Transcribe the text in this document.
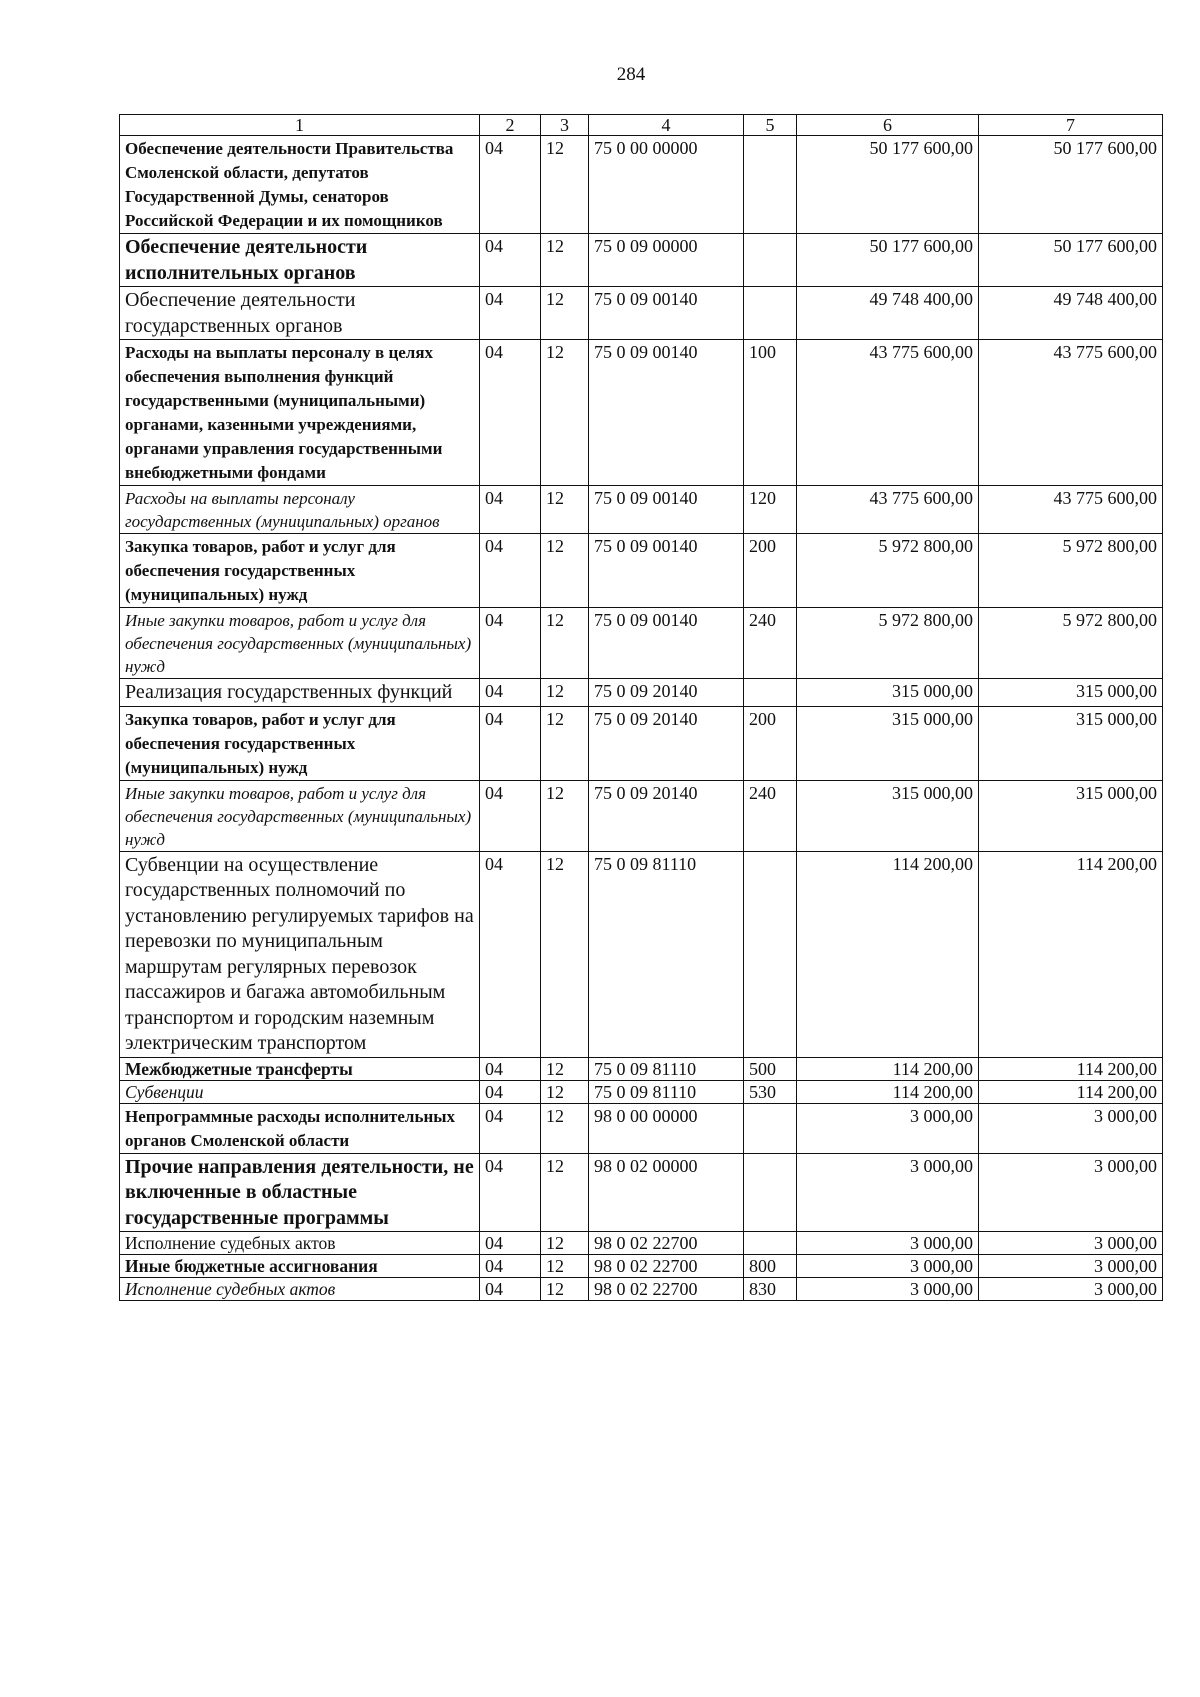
284
1	2	3	4	5	6	7
Обеспечение деятельности Правительства Смоленской области, депутатов Государственной Думы, сенаторов Российской Федерации и их помощников	04	12	75 0 00 00000		50 177 600,00	50 177 600,00
Обеспечение деятельности исполнительных органов	04	12	75 0 09 00000		50 177 600,00	50 177 600,00
Обеспечение деятельности государственных органов	04	12	75 0 09 00140		49 748 400,00	49 748 400,00
Расходы на выплаты персоналу в целях обеспечения выполнения функций государственными (муниципальными) органами, казенными учреждениями, органами управления государственными внебюджетными фондами	04	12	75 0 09 00140	100	43 775 600,00	43 775 600,00
Расходы на выплаты персоналу государственных (муниципальных) органов	04	12	75 0 09 00140	120	43 775 600,00	43 775 600,00
Закупка товаров, работ и услуг для обеспечения государственных (муниципальных) нужд	04	12	75 0 09 00140	200	5 972 800,00	5 972 800,00
Иные закупки товаров, работ и услуг для обеспечения государственных (муниципальных) нужд	04	12	75 0 09 00140	240	5 972 800,00	5 972 800,00
Реализация государственных функций	04	12	75 0 09 20140		315 000,00	315 000,00
Закупка товаров, работ и услуг для обеспечения государственных (муниципальных) нужд	04	12	75 0 09 20140	200	315 000,00	315 000,00
Иные закупки товаров, работ и услуг для обеспечения государственных (муниципальных) нужд	04	12	75 0 09 20140	240	315 000,00	315 000,00
Субвенции на осуществление государственных полномочий по установлению регулируемых тарифов на перевозки по муниципальным маршрутам регулярных перевозок пассажиров и багажа автомобильным транспортом и городским наземным электрическим транспортом	04	12	75 0 09 81110		114 200,00	114 200,00
Межбюджетные трансферты	04	12	75 0 09 81110	500	114 200,00	114 200,00
Субвенции	04	12	75 0 09 81110	530	114 200,00	114 200,00
Непрограммные расходы исполнительных органов Смоленской области	04	12	98 0 00 00000		3 000,00	3 000,00
Прочие направления деятельности, не включенные в областные государственные программы	04	12	98 0 02 00000		3 000,00	3 000,00
Исполнение судебных актов	04	12	98 0 02 22700		3 000,00	3 000,00
Иные бюджетные ассигнования	04	12	98 0 02 22700	800	3 000,00	3 000,00
Исполнение судебных актов	04	12	98 0 02 22700	830	3 000,00	3 000,00
